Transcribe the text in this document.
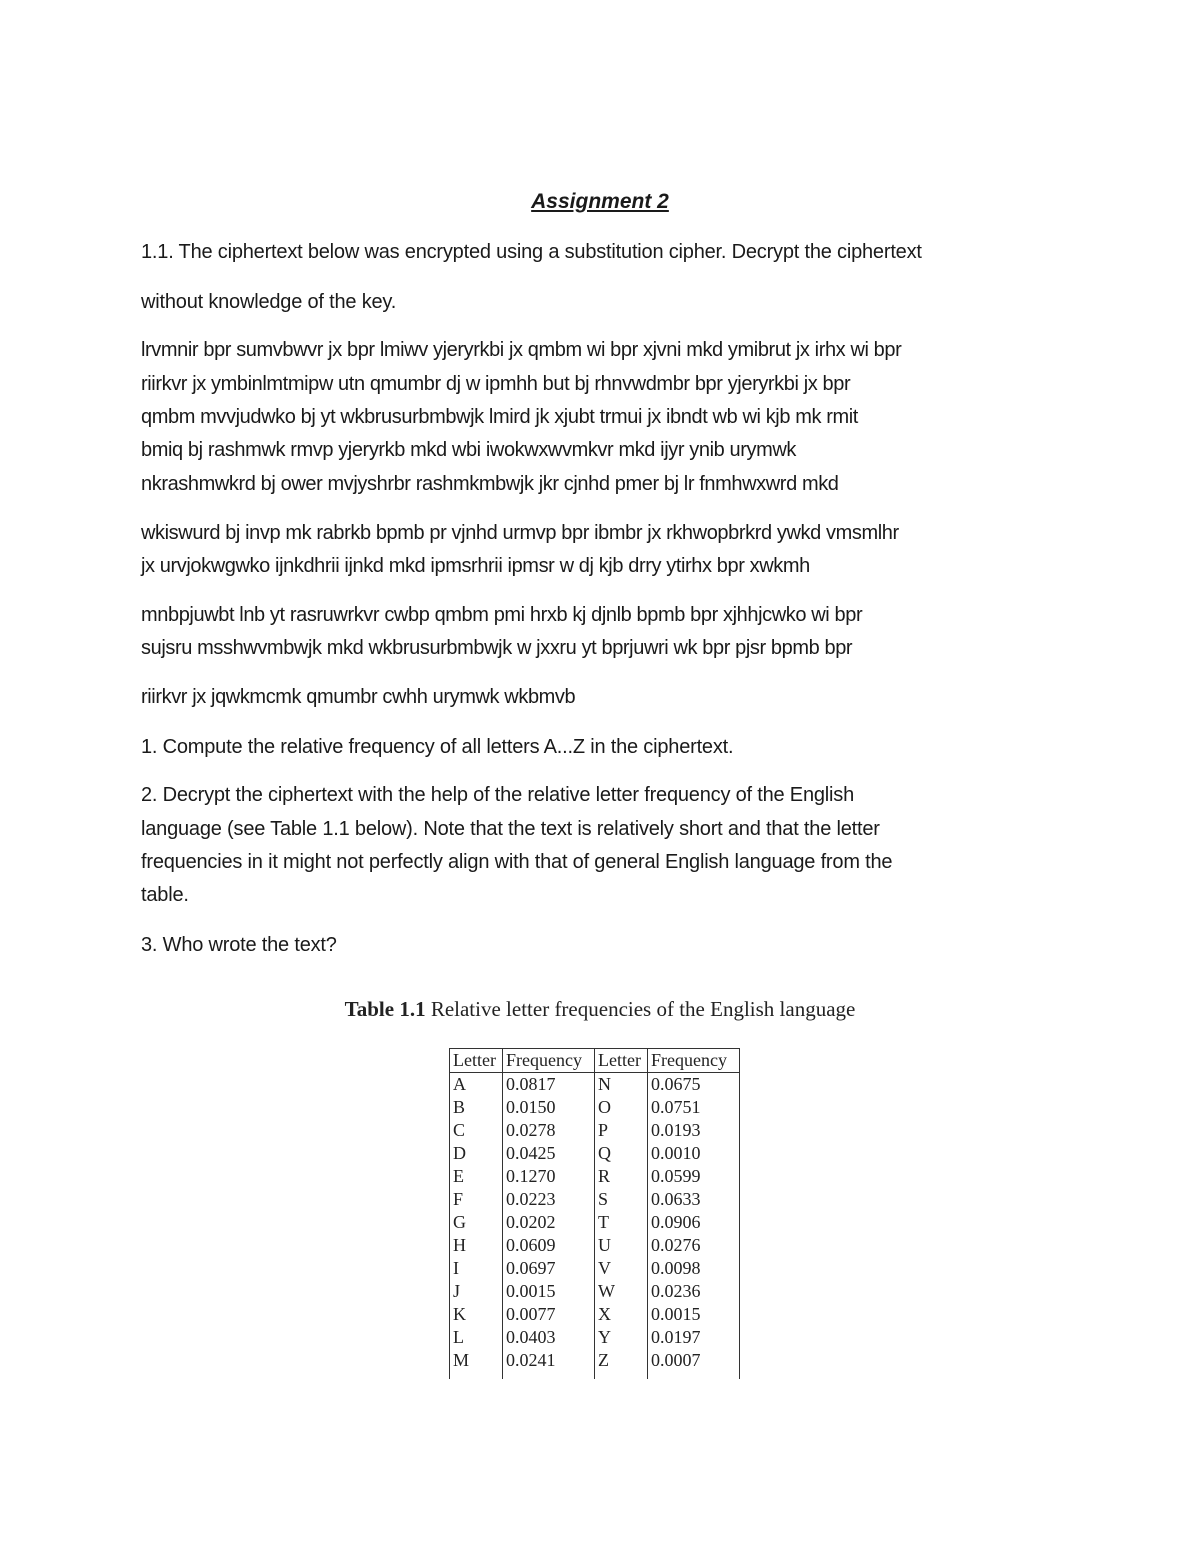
Assignment 2
1.1. The ciphertext below was encrypted using a substitution cipher. Decrypt the ciphertext
without knowledge of the key.
lrvmnir bpr sumvbwvr jx bpr lmiwv yjeryrkbi jx qmbm wi bpr xjvni mkd ymibrut jx irhx wi bpr
riirkvr jx ymbinlmtmipw utn qmumbr dj w ipmhh but bj rhnvwdmbr bpr yjeryrkbi jx bpr
qmbm mvvjudwko bj yt wkbrusurbmbwjk lmird jk xjubt trmui jx ibndt wb wi kjb mk rmit
bmiq bj rashmwk rmvp yjeryrkb mkd wbi iwokwxwvmkvr mkd ijyr ynib urymwk
nkrashmwkrd bj ower mvjyshrbr rashmkmbwjk jkr cjnhd pmer bj lr fnmhwxwrd mkd
wkiswurd bj invp mk rabrkb bpmb pr vjnhd urmvp bpr ibmbr jx rkhwopbrkrd ywkd vmsmlhr
jx urvjokwgwko ijnkdhrii ijnkd mkd ipmsrhrii ipmsr w dj kjb drry ytirhx bpr xwkmh
mnbpjuwbt lnb yt rasruwrkvr cwbp qmbm pmi hrxb kj djnlb bpmb bpr xjhhjcwko wi bpr
sujsru msshwvmbwjk mkd wkbrusurbmbwjk w jxxru yt bprjuwri wk bpr pjsr bpmb bpr
riirkvr jx jqwkmcmk qmumbr cwhh urymwk wkbmvb
1. Compute the relative frequency of all letters A...Z in the ciphertext.
2. Decrypt the ciphertext with the help of the relative letter frequency of the English
language (see Table 1.1 below). Note that the text is relatively short and that the letter
frequencies in it might not perfectly align with that of general English language from the
table.
3. Who wrote the text?
Table 1.1 Relative letter frequencies of the English language
Letter	Frequency	Letter	Frequency
A	0.0817	N	0.0675
B	0.0150	O	0.0751
C	0.0278	P	0.0193
D	0.0425	Q	0.0010
E	0.1270	R	0.0599
F	0.0223	S	0.0633
G	0.0202	T	0.0906
H	0.0609	U	0.0276
I	0.0697	V	0.0098
J	0.0015	W	0.0236
K	0.0077	X	0.0015
L	0.0403	Y	0.0197
M	0.0241	Z	0.0007
